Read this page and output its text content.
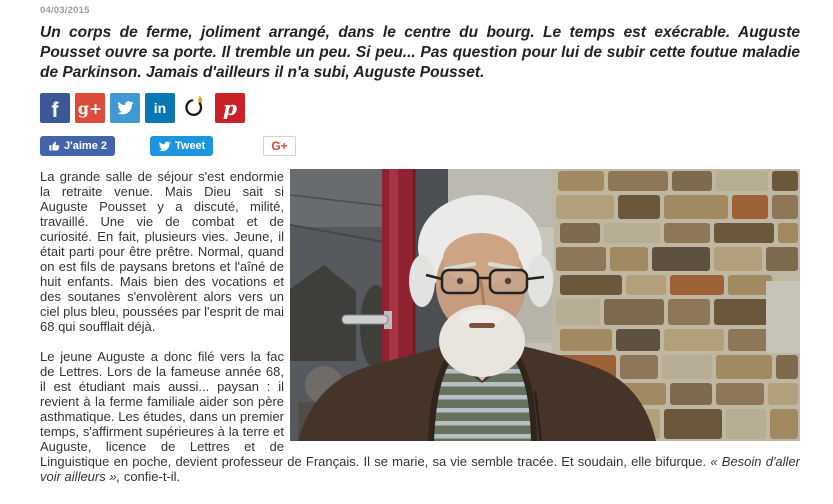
04/03/2015

Un corps de ferme, joliment arrangé, dans le centre du bourg. Le temps est exécrable. Auguste Pousset ouvre sa porte. Il tremble un peu. Si peu... Pas question pour lui de subir cette foutue maladie de Parkinson. Jamais d'ailleurs il n'a subi, Auguste Pousset.

f g+	in	p
J'aime 2	Tweet	G+

La grande salle de séjour s'est endormie la retraite venue. Mais Dieu sait si Auguste Pousset y a discuté, milité, travaillé. Une vie de combat et de curiosité. En fait, plusieurs vies. Jeune, il était parti pour être prêtre. Normal, quand on est fils de paysans bretons et l'aîné de huit enfants. Mais bien des vocations et des soutanes s'envolèrent alors vers un ciel plus bleu, poussées par l'esprit de mai 68 qui soufflait déjà.

Le jeune Auguste a donc filé vers la fac de Lettres. Lors de la fameuse année 68, il est étudiant mais aussi... paysan : il revient à la ferme familiale aider son père asthmatique. Les études, dans un premier temps, s'affirment supérieures à la terre et Auguste, licence de Lettres et de Linguistique en poche, devient professeur de Français. Il se marie, sa vie semble tracée. Et soudain, elle bifurque. « Besoin d'aller voir ailleurs », confie-t-il.
